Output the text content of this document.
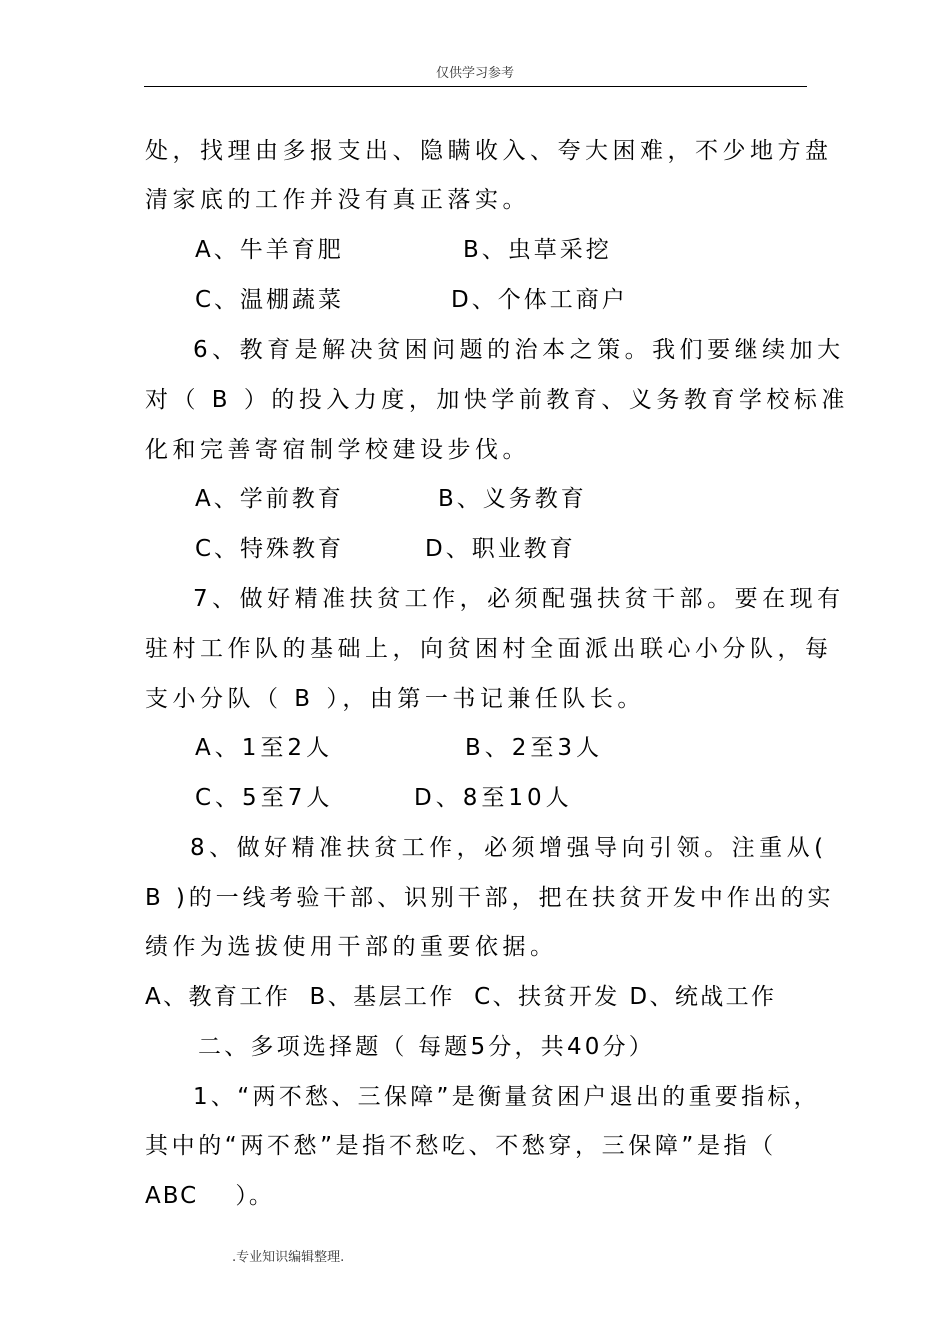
仅供学习参考
处，找理由多报支出、隐瞒收入、夸大困难，不少地方盘
清家底的工作并没有真正落实。
A、牛羊育肥	B、虫草采挖
C、温棚蔬菜	D、个体工商户
6、教育是解决贫困问题的治本之策。我们要继续加大
对（ B ）的投入力度，加快学前教育、义务教育学校标准
化和完善寄宿制学校建设步伐。
A、学前教育	B、义务教育
C、特殊教育	D、职业教育
7、做好精准扶贫工作，必须配强扶贫干部。要在现有
驻村工作队的基础上，向贫困村全面派出联心小分队，每
支小分队（ B ），由第一书记兼任队长。
A、1至2人	B、2至3人
C、5至7人	D、8至10人
8、做好精准扶贫工作，必须增强导向引领。注重从(
B )的一线考验干部、识别干部，把在扶贫开发中作出的实
绩作为选拔使用干部的重要依据。
A、教育工作  B、基层工作  C、扶贫开发 D、统战工作
二、多项选择题（ 每题5分，共40分）
1、“两不愁、三保障”是衡量贫困户退出的重要指标，
其中的“两不愁”是指不愁吃、不愁穿，三保障”是指（
ABC    ）。
.专业知识编辑整理.
